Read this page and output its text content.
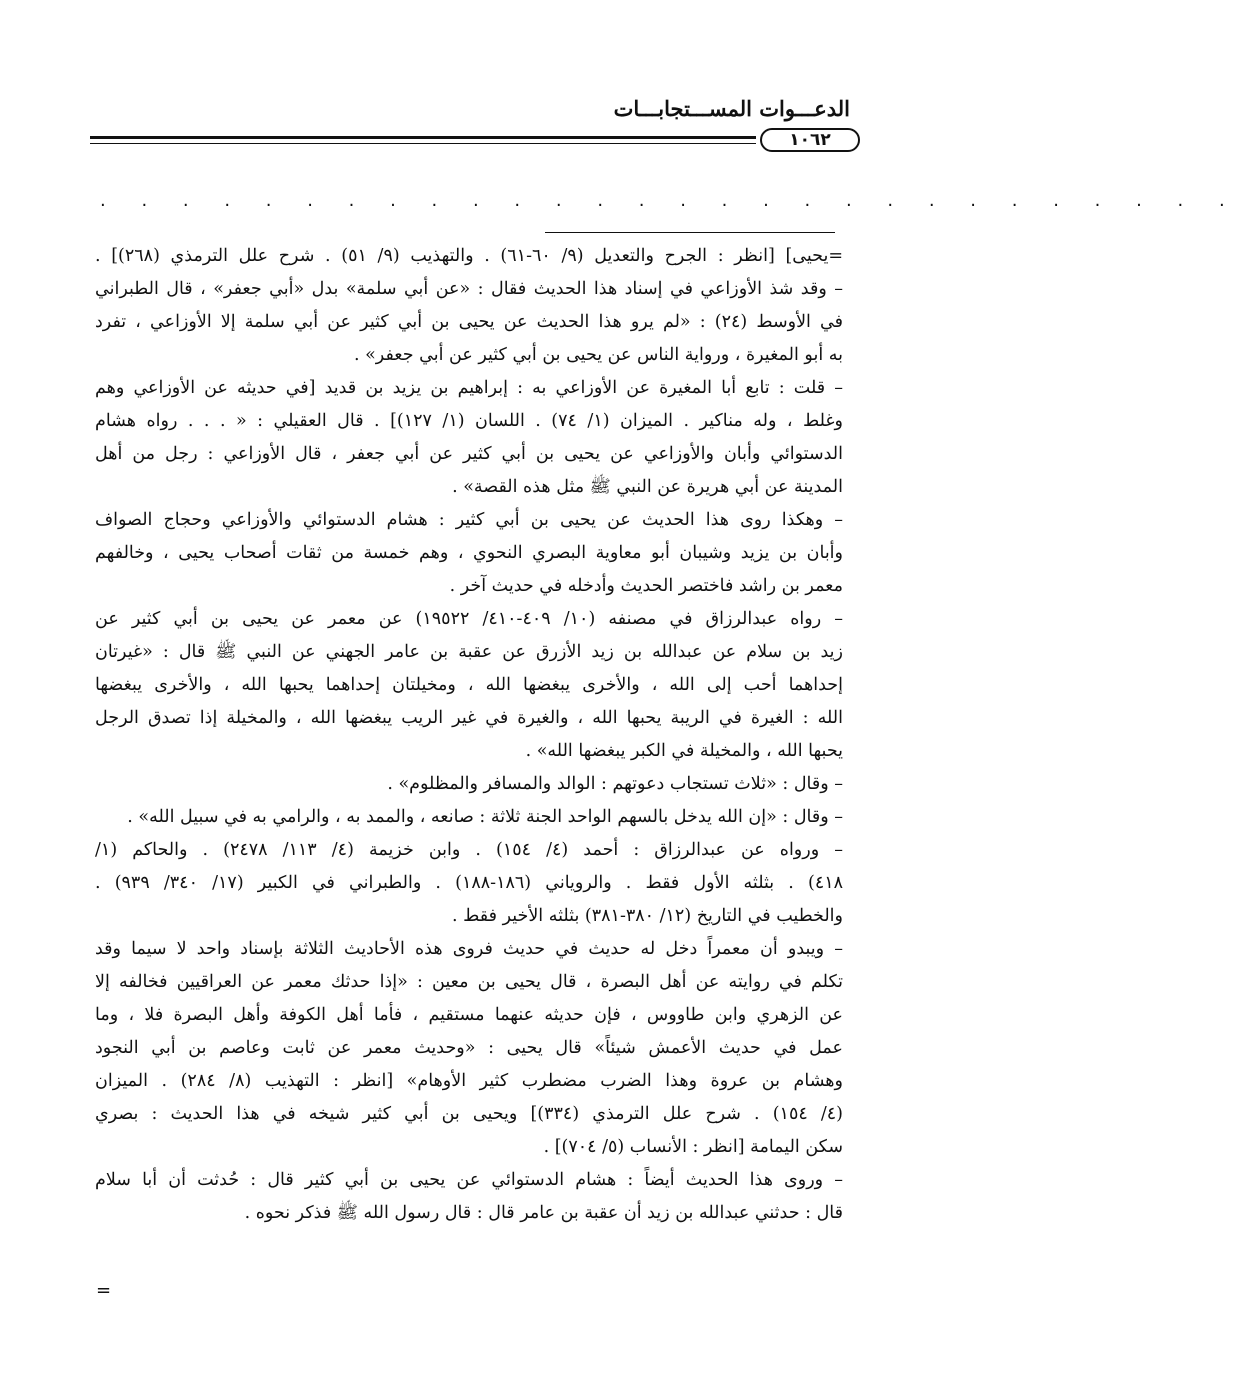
الدعـــوات المســـتجابـــات
١٠٦٢
. . . . . . . . . . . . . . . . . . . . . . . . . . . .
=يحيى] [انظر : الجرح والتعديل (٩/ ٦٠-٦١) . والتهذيب (٩/ ٥١) . شرح علل الترمذي (٢٦٨)] .
– وقد شذ الأوزاعي في إسناد هذا الحديث فقال : «عن أبي سلمة» بدل «أبي جعفر» ، قال الطبراني
في الأوسط (٢٤) : «لم يرو هذا الحديث عن يحيى بن أبي كثير عن أبي سلمة إلا الأوزاعي ، تفرد
به أبو المغيرة ، ورواية الناس عن يحيى بن أبي كثير عن أبي جعفر» .
– قلت : تابع أبا المغيرة عن الأوزاعي به : إبراهيم بن يزيد بن قديد [في حديثه عن الأوزاعي وهم
وغلط ، وله مناكير . الميزان (١/ ٧٤) . اللسان (١/ ١٢٧)] . قال العقيلي : « . . . رواه هشام
الدستوائي وأبان والأوزاعي عن يحيى بن أبي كثير عن أبي جعفر ، قال الأوزاعي : رجل من أهل
المدينة عن أبي هريرة عن النبي ﷺ مثل هذه القصة» .
– وهكذا روى هذا الحديث عن يحيى بن أبي كثير : هشام الدستوائي والأوزاعي وحجاج الصواف
وأبان بن يزيد وشيبان أبو معاوية البصري النحوي ، وهم خمسة من ثقات أصحاب يحيى ، وخالفهم
معمر بن راشد فاختصر الحديث وأدخله في حديث آخر .
– رواه عبدالرزاق في مصنفه (١٠/ ٤٠٩-٤١٠/ ١٩٥٢٢) عن معمر عن يحيى بن أبي كثير عن
زيد بن سلام عن عبدالله بن زيد الأزرق عن عقبة بن عامر الجهني عن النبي ﷺ قال : «غيرتان
إحداهما أحب إلى الله ، والأخرى يبغضها الله ، ومخيلتان إحداهما يحبها الله ، والأخرى يبغضها
الله : الغيرة في الريبة يحبها الله ، والغيرة في غير الريب يبغضها الله ، والمخيلة إذا تصدق الرجل
يحبها الله ، والمخيلة في الكبر يبغضها الله» .
– وقال : «ثلاث تستجاب دعوتهم : الوالد والمسافر والمظلوم» .
– وقال : «إن الله يدخل بالسهم الواحد الجنة ثلاثة : صانعه ، والممد به ، والرامي به في سبيل الله» .
– ورواه عن عبدالرزاق : أحمد (٤/ ١٥٤) . وابن خزيمة (٤/ ١١٣/ ٢٤٧٨) . والحاكم (١/
٤١٨) . بثلثه الأول فقط . والروياني (١٨٦-١٨٨) . والطبراني في الكبير (١٧/ ٣٤٠/ ٩٣٩) .
والخطيب في التاريخ (١٢/ ٣٨٠-٣٨١) بثلثه الأخير فقط .
– ويبدو أن معمراً دخل له حديث في حديث فروى هذه الأحاديث الثلاثة بإسناد واحد لا سيما وقد
تكلم في روايته عن أهل البصرة ، قال يحيى بن معين : «إذا حدثك معمر عن العراقيين فخالفه إلا
عن الزهري وابن طاووس ، فإن حديثه عنهما مستقيم ، فأما أهل الكوفة وأهل البصرة فلا ، وما
عمل في حديث الأعمش شيئاً» قال يحيى : «وحديث معمر عن ثابت وعاصم بن أبي النجود
وهشام بن عروة وهذا الضرب مضطرب كثير الأوهام» [انظر : التهذيب (٨/ ٢٨٤) . الميزان
(٤/ ١٥٤) . شرح علل الترمذي (٣٣٤)] ويحيى بن أبي كثير شيخه في هذا الحديث : بصري
سكن اليمامة [انظر : الأنساب (٥/ ٧٠٤)] .
– وروى هذا الحديث أيضاً : هشام الدستوائي عن يحيى بن أبي كثير قال : حُدثت أن أبا سلام
قال : حدثني عبدالله بن زيد أن عقبة بن عامر قال : قال رسول الله ﷺ فذكر نحوه .
=
